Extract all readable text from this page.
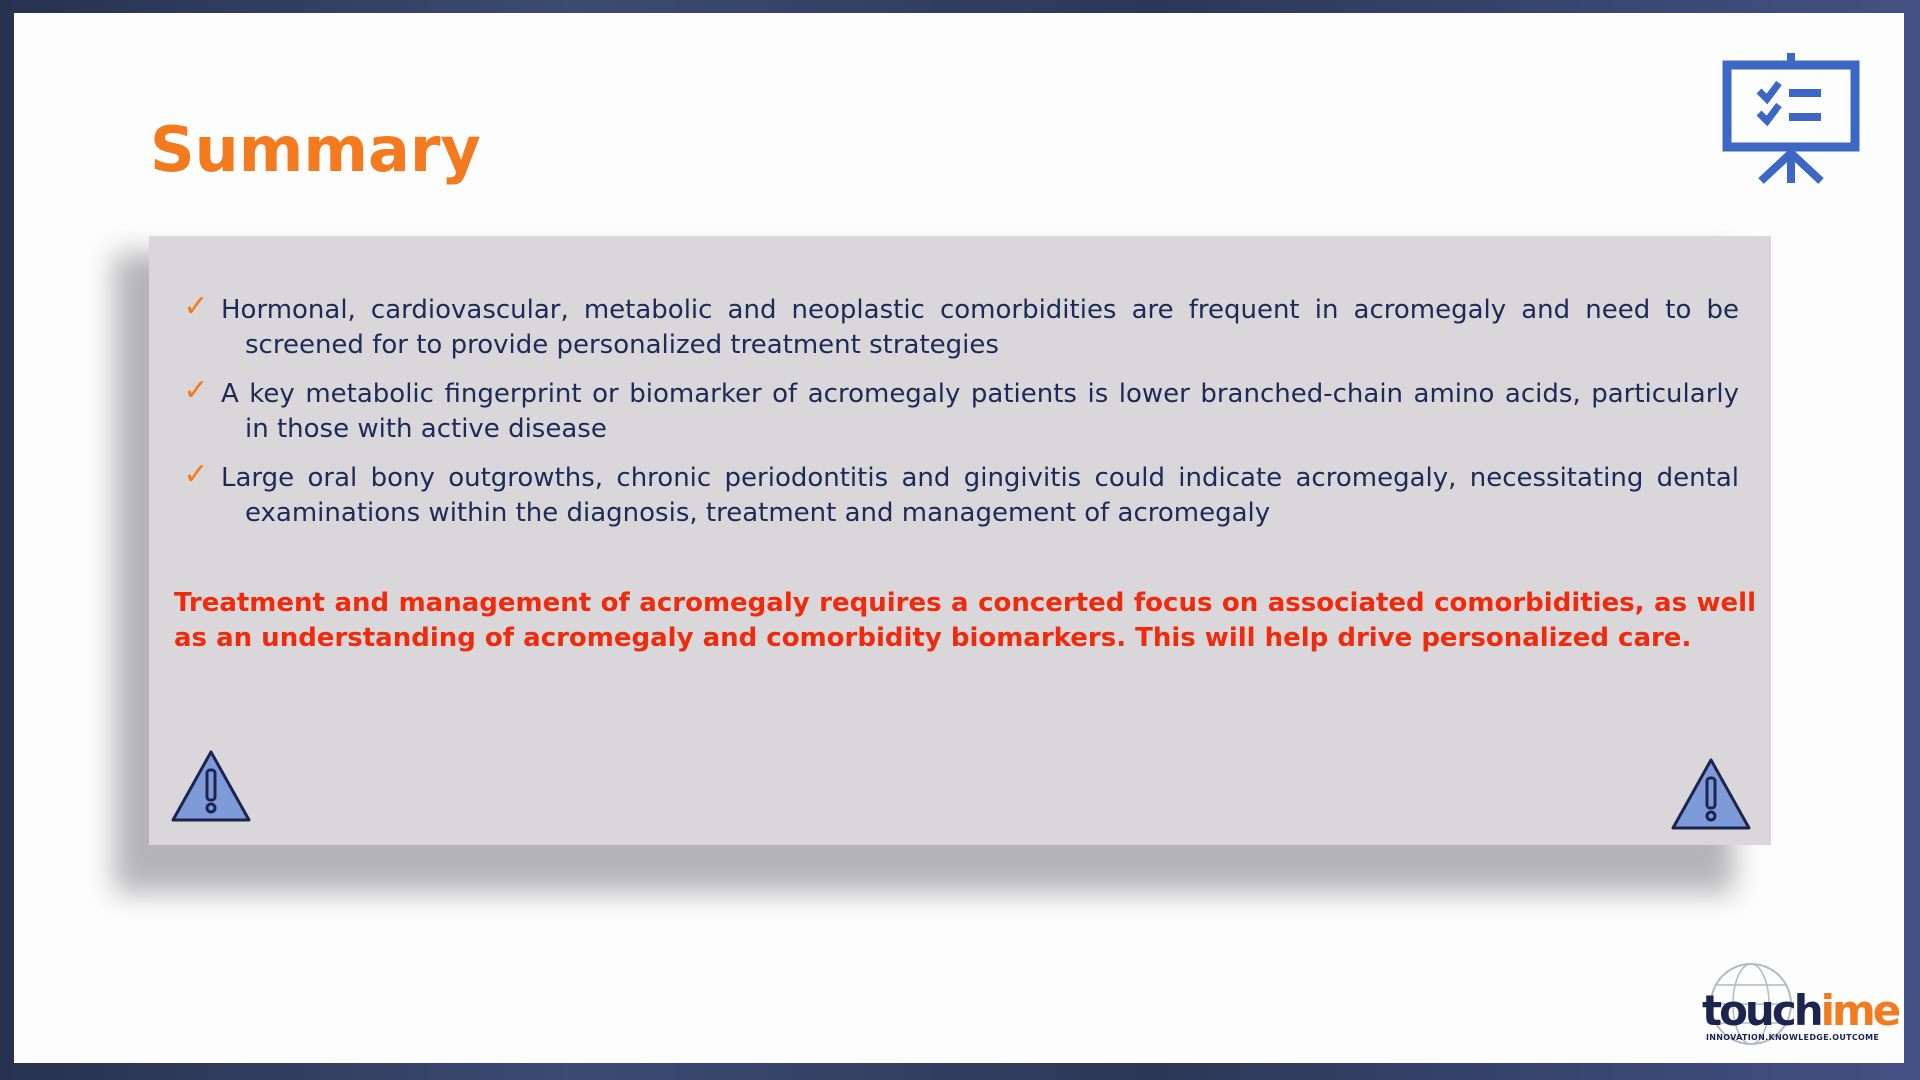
Summary
✓ Hormonal, cardiovascular, metabolic and neoplastic comorbidities are frequent in acromegaly and need to be screened for to provide personalized treatment strategies
✓ A key metabolic fingerprint or biomarker of acromegaly patients is lower branched-chain amino acids, particularly in those with active disease
✓ Large oral bony outgrowths, chronic periodontitis and gingivitis could indicate acromegaly, necessitating dental examinations within the diagnosis, treatment and management of acromegaly
Treatment and management of acromegaly requires a concerted focus on associated comorbidities, as well as an understanding of acromegaly and comorbidity biomarkers. This will help drive personalized care.
touchime
INNOVATION.KNOWLEDGE.OUTCOME
